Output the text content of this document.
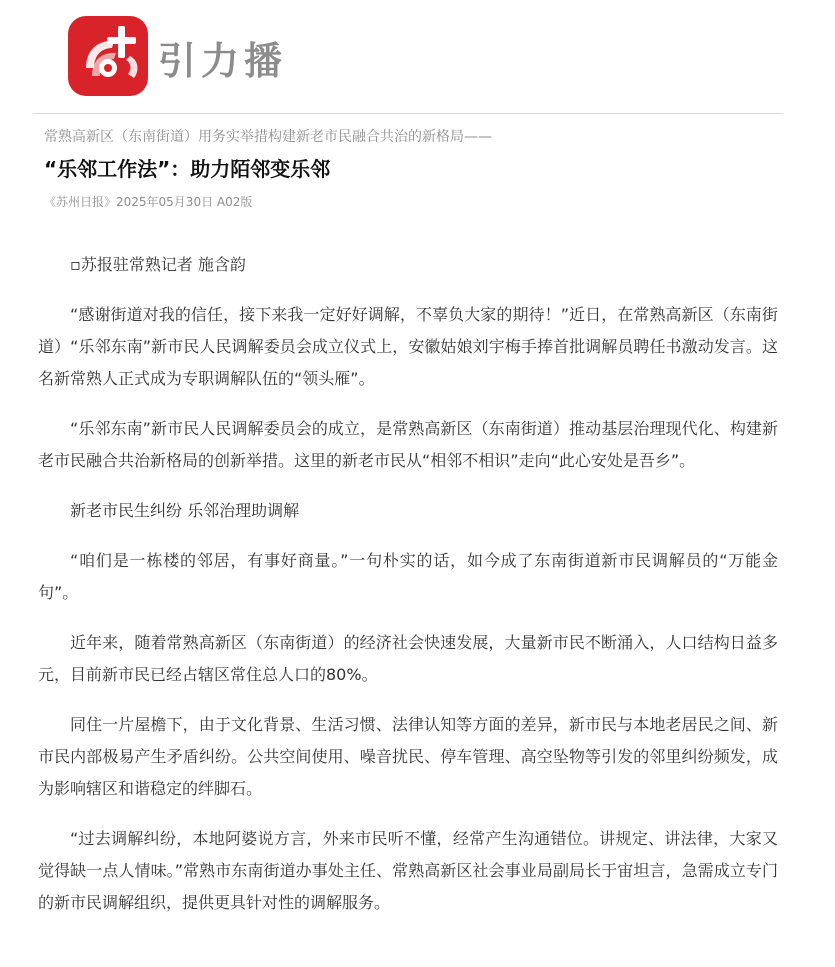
引力播
常熟高新区（东南街道）用务实举措构建新老市民融合共治的新格局——
“乐邻工作法”：助力陌邻变乐邻
《苏州日报》2025年05月30日 A02版

▫苏报驻常熟记者 施含韵

“感谢街道对我的信任，接下来我一定好好调解，不辜负大家的期待！”近日，在常熟高新区（东南街道）“乐邻东南”新市民人民调解委员会成立仪式上，安徽姑娘刘宇梅手捧首批调解员聘任书激动发言。这名新常熟人正式成为专职调解队伍的“领头雁”。

“乐邻东南”新市民人民调解委员会的成立，是常熟高新区（东南街道）推动基层治理现代化、构建新老市民融合共治新格局的创新举措。这里的新老市民从“相邻不相识”走向“此心安处是吾乡”。

新老市民生纠纷 乐邻治理助调解

“咱们是一栋楼的邻居，有事好商量。”一句朴实的话，如今成了东南街道新市民调解员的“万能金句”。

近年来，随着常熟高新区（东南街道）的经济社会快速发展，大量新市民不断涌入，人口结构日益多元，目前新市民已经占辖区常住总人口的80%。

同住一片屋檐下，由于文化背景、生活习惯、法律认知等方面的差异，新市民与本地老居民之间、新市民内部极易产生矛盾纠纷。公共空间使用、噪音扰民、停车管理、高空坠物等引发的邻里纠纷频发，成为影响辖区和谐稳定的绊脚石。

“过去调解纠纷，本地阿婆说方言，外来市民听不懂，经常产生沟通错位。讲规定、讲法律，大家又觉得缺一点人情味。”常熟市东南街道办事处主任、常熟高新区社会事业局副局长于宙坦言，急需成立专门的新市民调解组织，提供更具针对性的调解服务。
